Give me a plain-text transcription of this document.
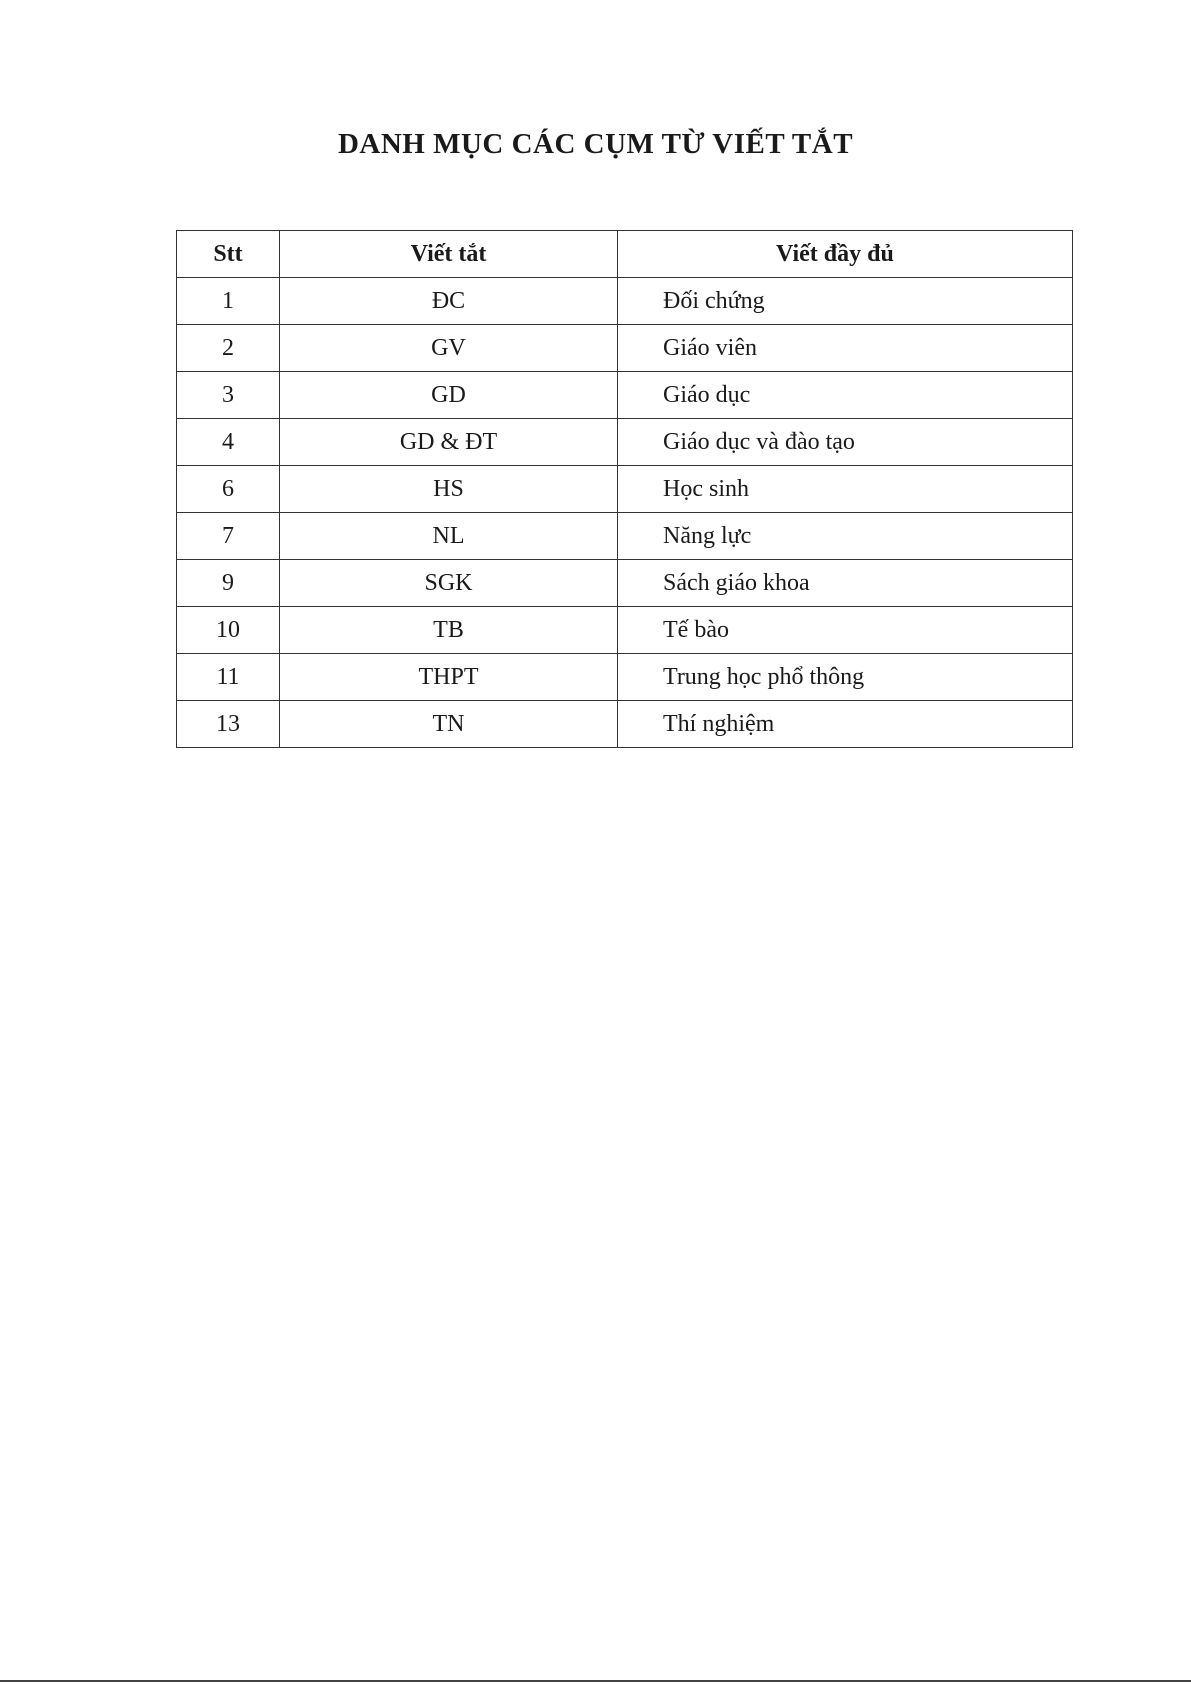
DANH MỤC CÁC CỤM TỪ VIẾT TẮT
Stt	Viết tắt	Viết đầy đủ
1	ĐC	Đối chứng
2	GV	Giáo viên
3	GD	Giáo dục
4	GD & ĐT	Giáo dục và đào tạo
6	HS	Học sinh
7	NL	Năng lực
9	SGK	Sách giáo khoa
10	TB	Tế bào
11	THPT	Trung học phổ thông
13	TN	Thí nghiệm
